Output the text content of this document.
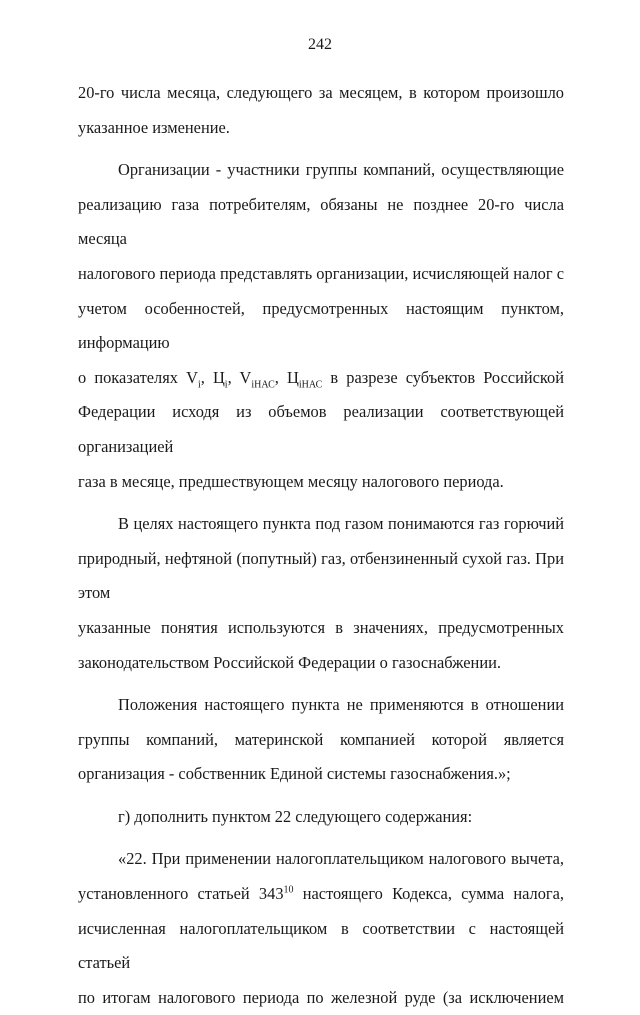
242
20-го числа месяца, следующего за месяцем, в котором произошло
указанное изменение.
Организации - участники группы компаний, осуществляющие
реализацию газа потребителям, обязаны не позднее 20-го числа месяца
налогового периода представлять организации, исчисляющей налог с
учетом особенностей, предусмотренных настоящим пунктом, информацию
о показателях $V_i$, $Ц_i$, $V_{iНАС}$, $Ц_{iНАС}$ в разрезе субъектов Российской
Федерации исходя из объемов реализации соответствующей организацией
газа в месяце, предшествующем месяцу налогового периода.
В целях настоящего пункта под газом понимаются газ горючий
природный, нефтяной (попутный) газ, отбензиненный сухой газ. При этом
указанные понятия используются в значениях, предусмотренных
законодательством Российской Федерации о газоснабжении.
Положения настоящего пункта не применяются в отношении
группы компаний, материнской компанией которой является
организация - собственник Единой системы газоснабжения.»;
г) дополнить пунктом 22 следующего содержания:
«22. При применении налогоплательщиком налогового вычета,
установленного статьей $343^{10}$ настоящего Кодекса, сумма налога,
исчисленная налогоплательщиком в соответствии с настоящей статьей
по итогам налогового периода по железной руде (за исключением
